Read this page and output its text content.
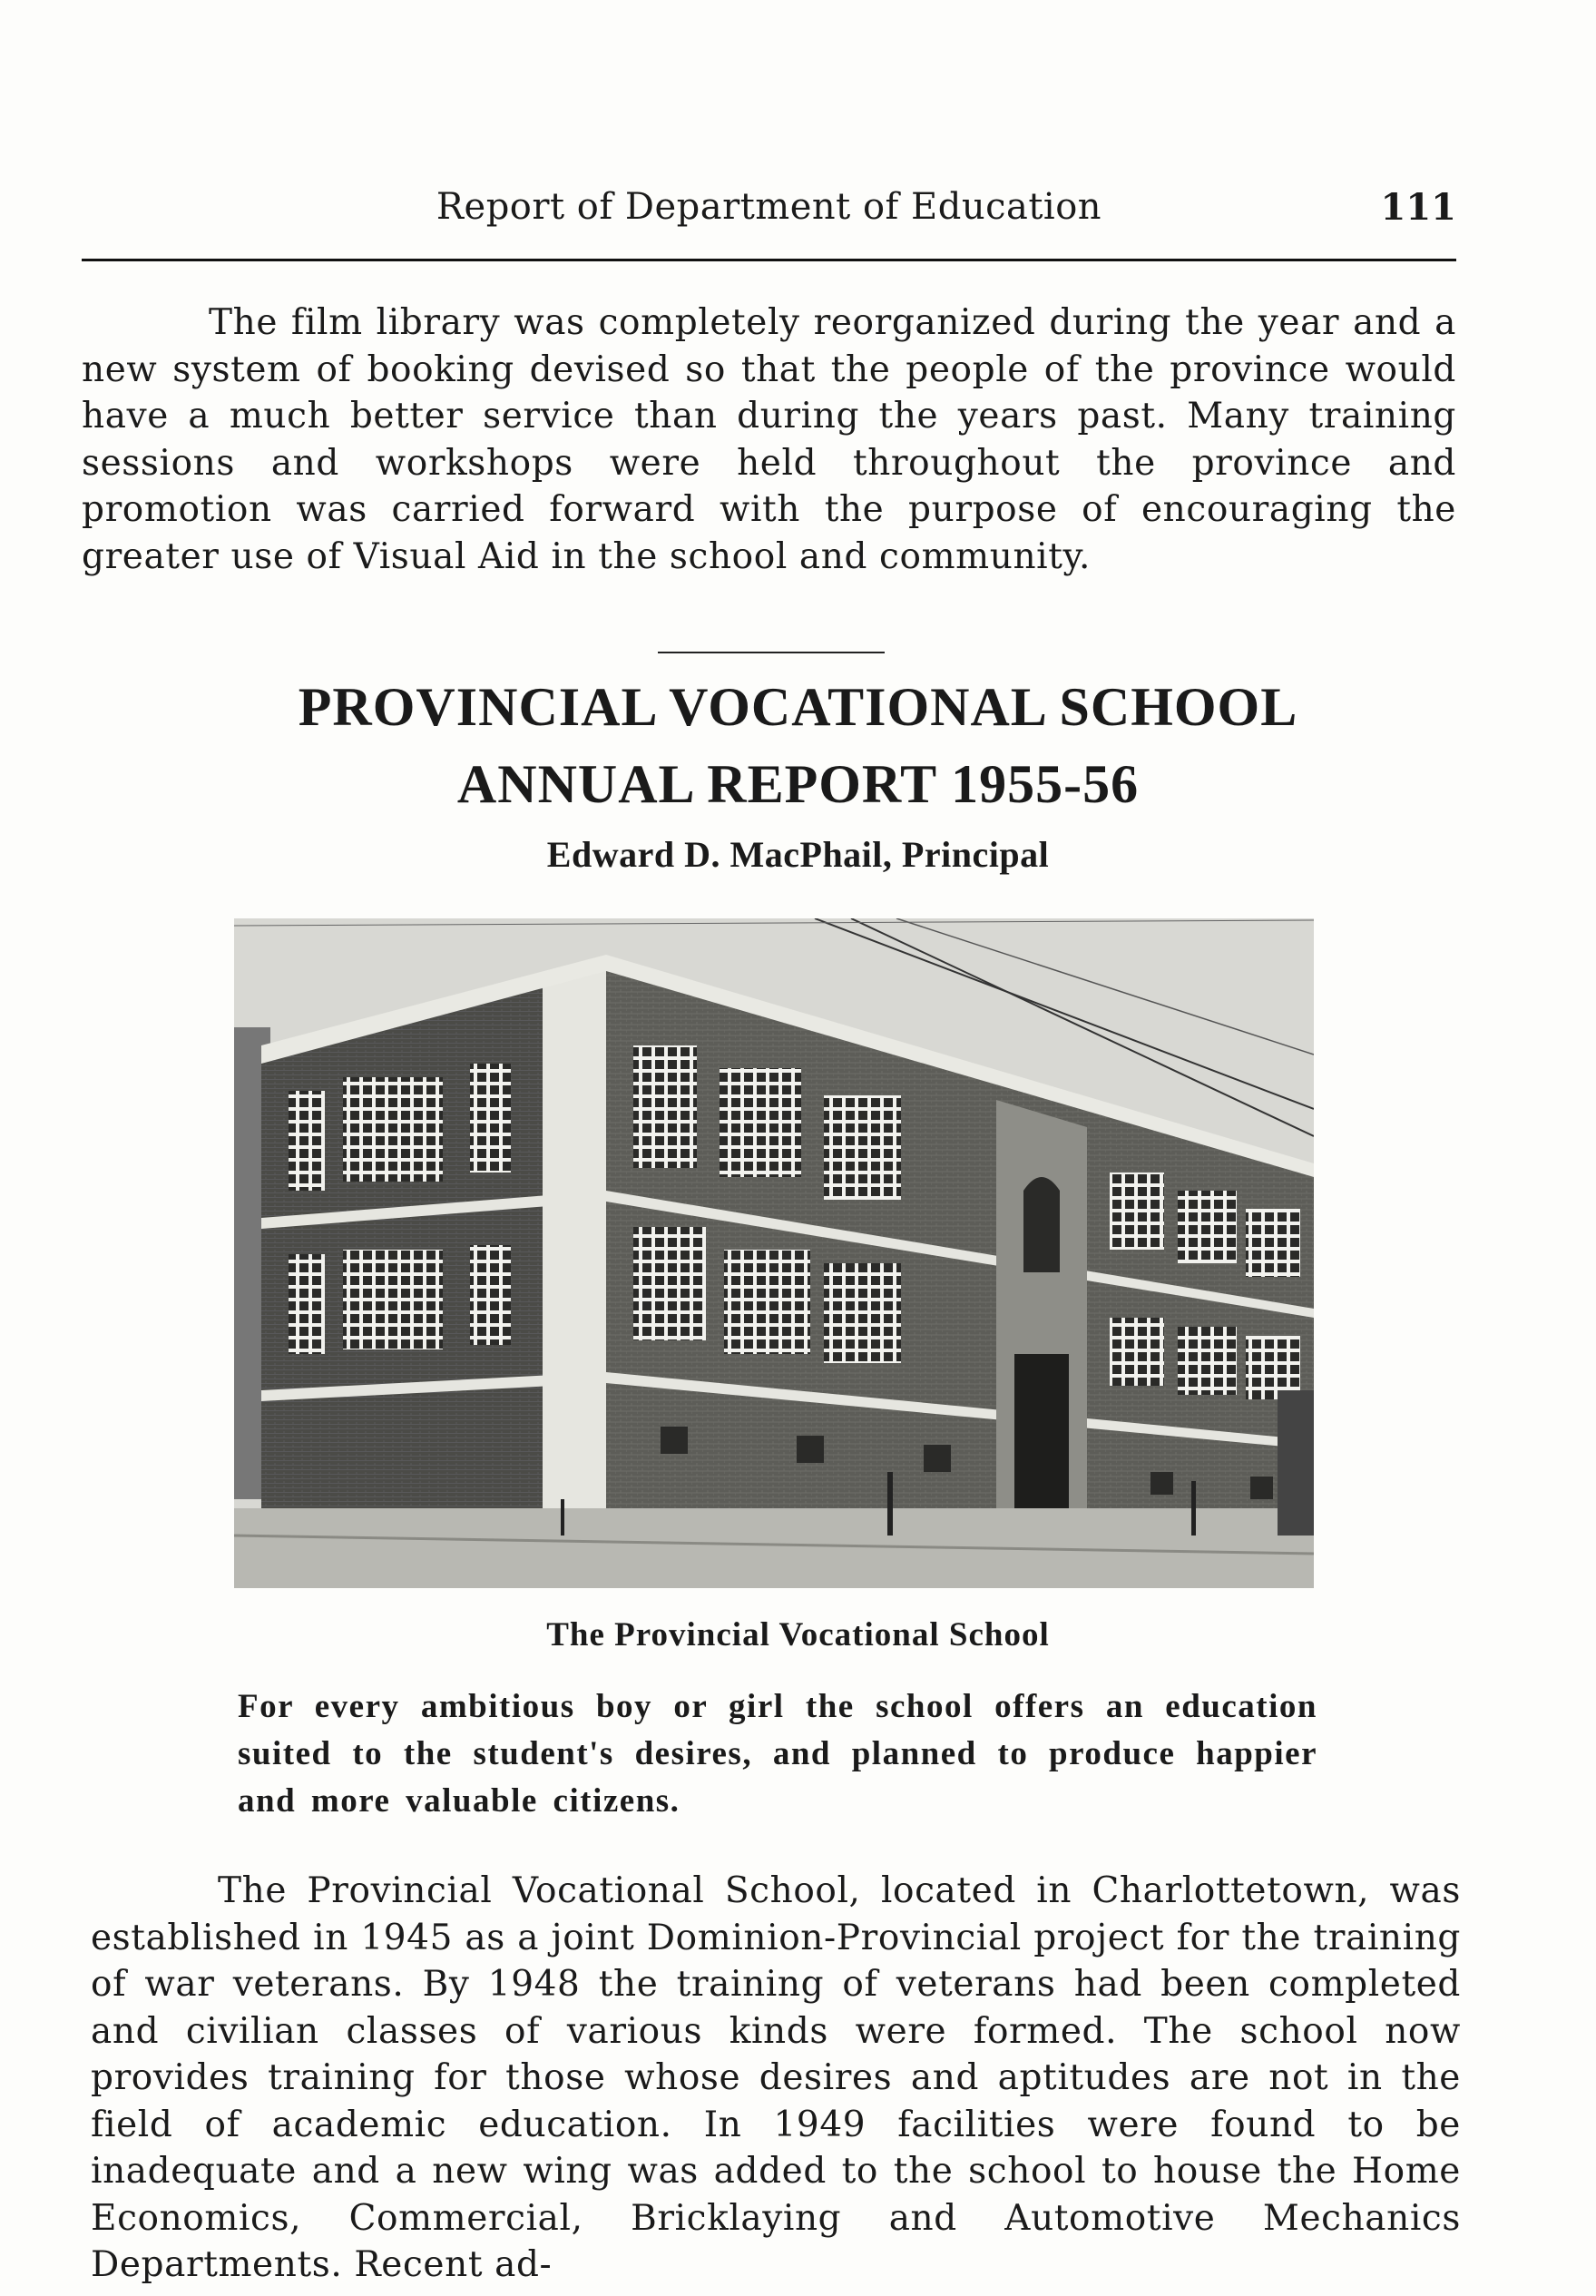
Report of Department of Education	111

The film library was completely reorganized during the year and a new system of booking devised so that the people of the province would have a much better service than during the years past. Many training sessions and workshops were held throughout the province and promotion was carried forward with the purpose of encouraging the greater use of Visual Aid in the school and community.

PROVINCIAL VOCATIONAL SCHOOL
ANNUAL REPORT 1955-56
Edward D. MacPhail, Principal
The Provincial Vocational School

For every ambitious boy or girl the school offers an education suited to the student's desires, and planned to produce happier and more valuable citizens.

The Provincial Vocational School, located in Charlottetown, was established in 1945 as a joint Dominion-Provincial project for the training of war veterans. By 1948 the training of veterans had been completed and civilian classes of various kinds were formed. The school now provides training for those whose desires and aptitudes are not in the field of academic education. In 1949 facilities were found to be inadequate and a new wing was added to the school to house the Home Economics, Commercial, Bricklaying and Automotive Mechanics Departments. Recent ad-
